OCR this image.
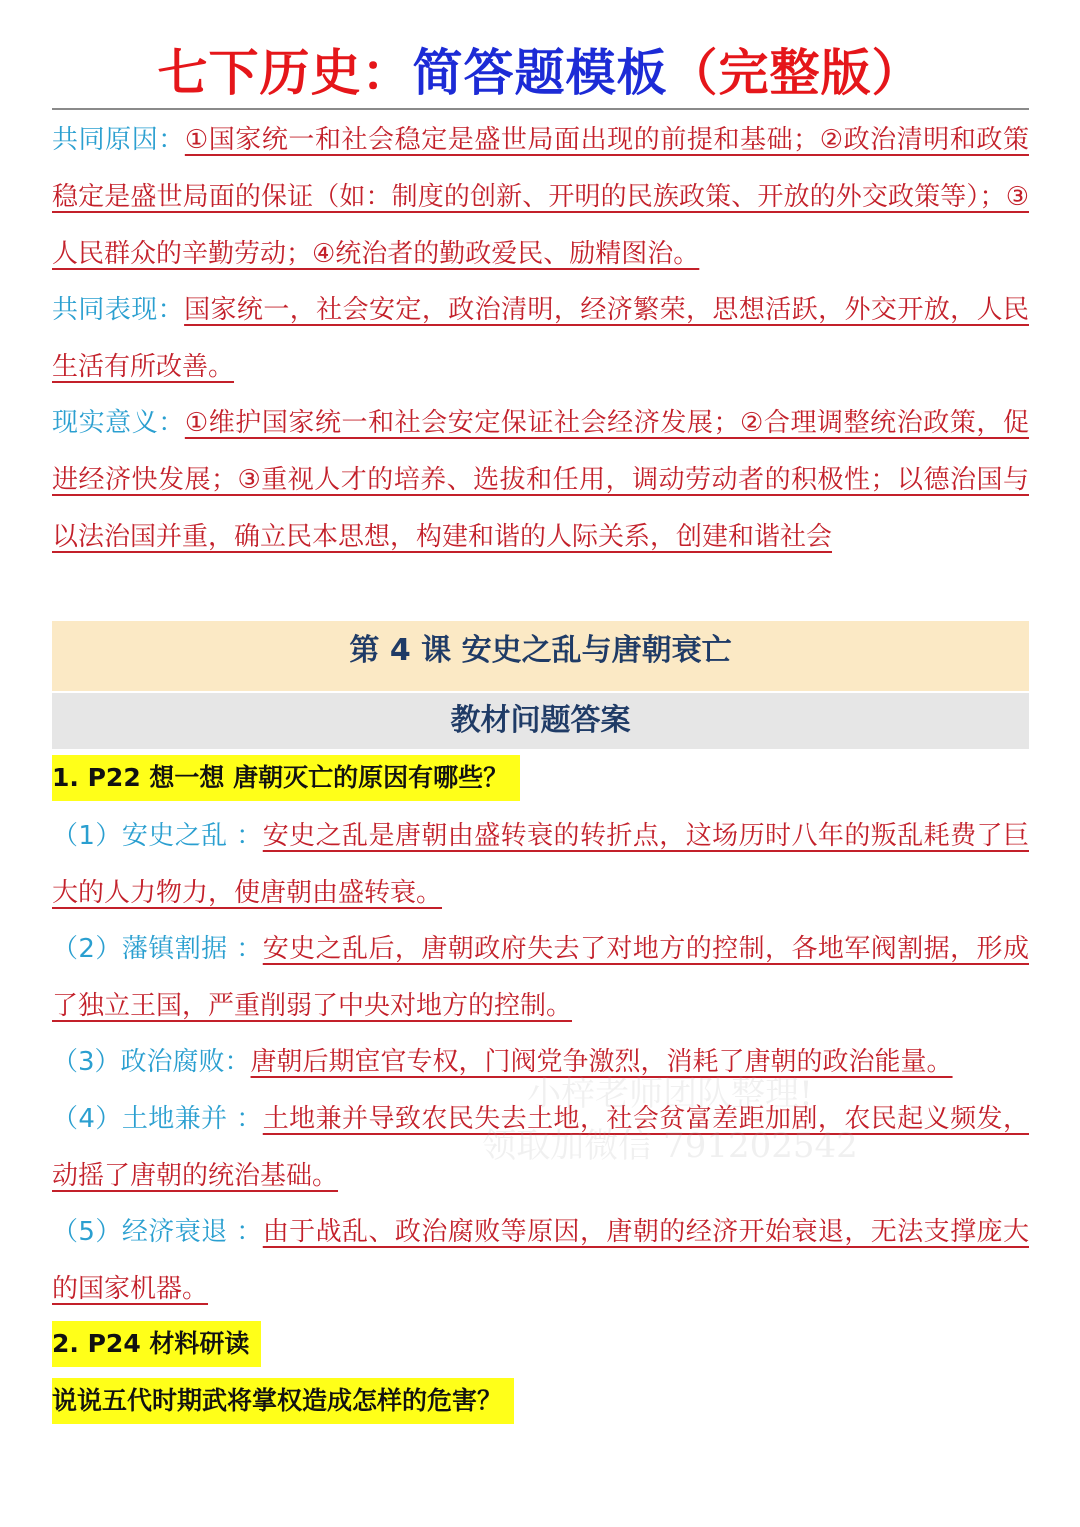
七下历史：简答题模板（完整版）
共同原因：①国家统一和社会稳定是盛世局面出现的前提和基础；②政治清明和政策稳定是盛世局面的保证（如：制度的创新、开明的民族政策、开放的外交政策等）；③人民群众的辛勤劳动；④统治者的勤政爱民、励精图治。
共同表现：国家统一，社会安定，政治清明，经济繁荣，思想活跃，外交开放，人民生活有所改善。
现实意义：①维护国家统一和社会安定保证社会经济发展；②合理调整统治政策，促进经济快发展；③重视人才的培养、选拔和任用，调动劳动者的积极性；以德治国与以法治国并重，确立民本思想，构建和谐的人际关系，创建和谐社会
第 4 课 安史之乱与唐朝衰亡
教材问题答案
1. P22 想一想 唐朝灭亡的原因有哪些？
（1）安史之乱 ：安史之乱是唐朝由盛转衰的转折点，这场历时八年的叛乱耗费了巨大的人力物力，使唐朝由盛转衰。
（2）藩镇割据 ：安史之乱后，唐朝政府失去了对地方的控制，各地军阀割据，形成了独立王国，严重削弱了中央对地方的控制。
（3）政治腐败：唐朝后期宦官专权，门阀党争激烈，消耗了唐朝的政治能量。
（4）土地兼并 ：土地兼并导致农民失去土地，社会贫富差距加剧，农民起义频发，动摇了唐朝的统治基础。
（5）经济衰退 ：由于战乱、政治腐败等原因，唐朝的经济开始衰退，无法支撑庞大的国家机器。
2. P24 材料研读
说说五代时期武将掌权造成怎样的危害？
小梓老师团队整理!
领取加微信 791202542
